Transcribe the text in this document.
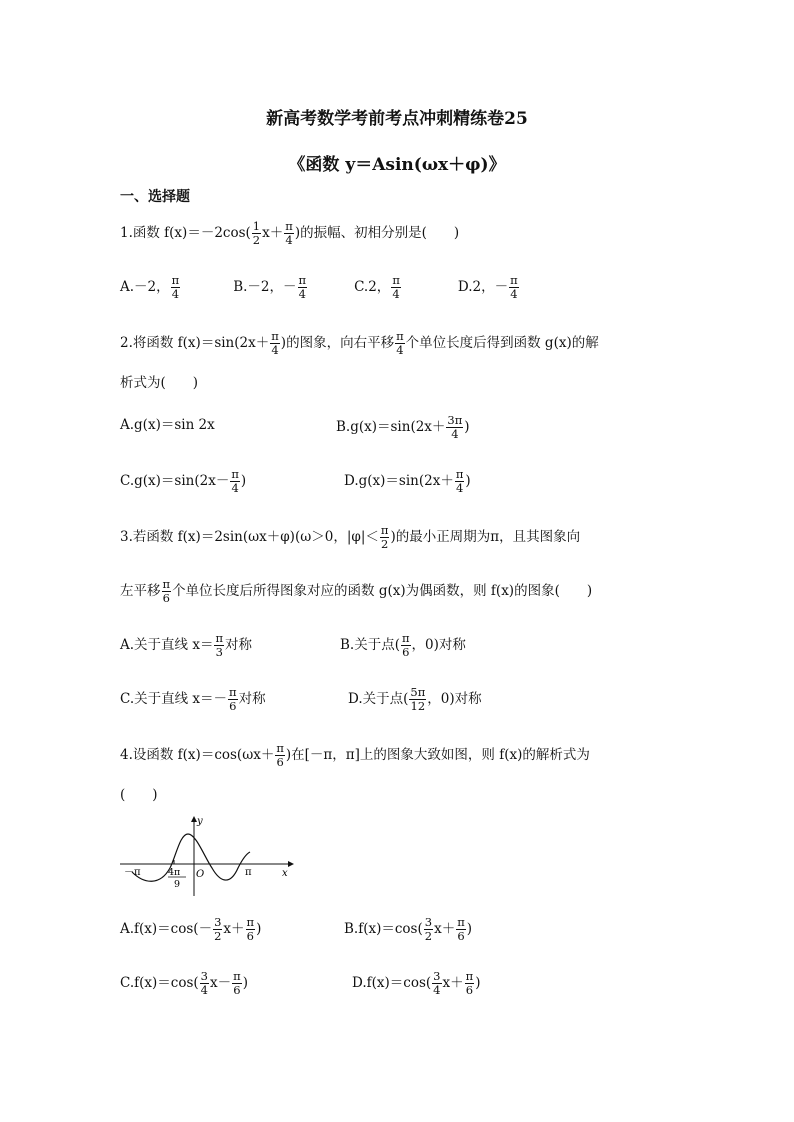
新高考数学考前考点冲刺精练卷25
《函数 y＝Asin(ωx＋φ)》
一、选择题
1.函数 $f(x)=-2\cos( \frac{1}{2} x+ \frac{\pi}{4}$ )的振幅、初相分别是(　　)
A.－2， $\frac{\pi}{4}$	B.－2，－ $\frac{\pi}{4}$	C.2， $\frac{\pi}{4}$	D.2，－ $\frac{\pi}{4}$
2.将函数 $f(x)=\sin(2x+ \frac{\pi}{4}$ )的图象，向右平移 $\frac{\pi}{4}$ 个单位长度后得到函数 g(x)的解
析式为(　　)
A.g(x)＝sin 2x	$B.g(x)=\sin(2x+ \frac{3\pi}{4}$ )
$C.g(x)=\sin(2x- \frac{\pi}{4}$ )	$D.g(x)=\sin(2x+ \frac{\pi}{4}$ )
3.若函数 f(x)＝2sin(ωx＋φ)(ω＞0，$|\varphi|< \frac{\pi}{2}$ )的最小正周期为π，且其图象向
左平移 $\frac{\pi}{6}$ 个单位长度后所得图象对应的函数 g(x)为偶函数，则 f(x)的图象(　　)
A.关于直线 $x= \frac{\pi}{3}$ 对称	B.关于点( $\frac{\pi}{6}$ ，0)对称
C.关于直线 $x=- \frac{\pi}{6}$ 对称	D.关于点( $\frac{5\pi}{12}$ ，0)对称
4.设函数 $f(x)=\cos(\omega x+ \frac{\pi}{6}$ )在[－π，π]上的图象大致如图，则 f(x)的解析式为
(　　)
y
x
O
－π	π
4π
9
$A.f(x)=\cos(- \frac{3}{2} x+ \frac{\pi}{6}$ )	$B.f(x)=\cos( \frac{3}{2} x+ \frac{\pi}{6}$ )
$C.f(x)=\cos( \frac{3}{4} x- \frac{\pi}{6}$ )	$D.f(x)=\cos( \frac{3}{4} x+ \frac{\pi}{6}$ )
